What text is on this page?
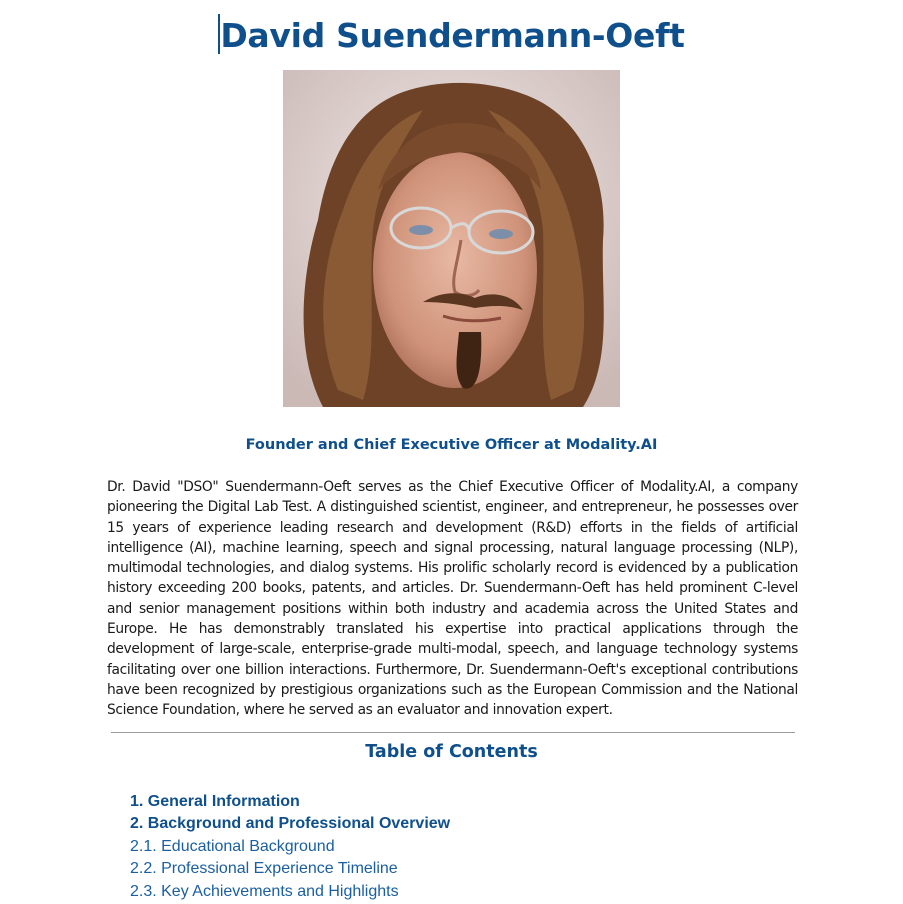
David Suendermann-Oeft
Founder and Chief Executive Officer at Modality.AI

Dr. David "DSO" Suendermann-Oeft serves as the Chief Executive Officer of Modality.AI, a company pioneering the Digital Lab Test. A distinguished scientist, engineer, and entrepreneur, he possesses over 15 years of experience leading research and development (R&D) efforts in the fields of artificial intelligence (AI), machine learning, speech and signal processing, natural language processing (NLP), multimodal technologies, and dialog systems. His prolific scholarly record is evidenced by a publication history exceeding 200 books, patents, and articles. Dr. Suendermann-Oeft has held prominent C-level and senior management positions within both industry and academia across the United States and Europe. He has demonstrably translated his expertise into practical applications through the development of large-scale, enterprise-grade multi-modal, speech, and language technology systems facilitating over one billion interactions. Furthermore, Dr. Suendermann-Oeft's exceptional contributions have been recognized by prestigious organizations such as the European Commission and the National Science Foundation, where he served as an evaluator and innovation expert.

Table of Contents
1. General Information
2. Background and Professional Overview
2.1. Educational Background
2.2. Professional Experience Timeline
2.3. Key Achievements and Highlights
